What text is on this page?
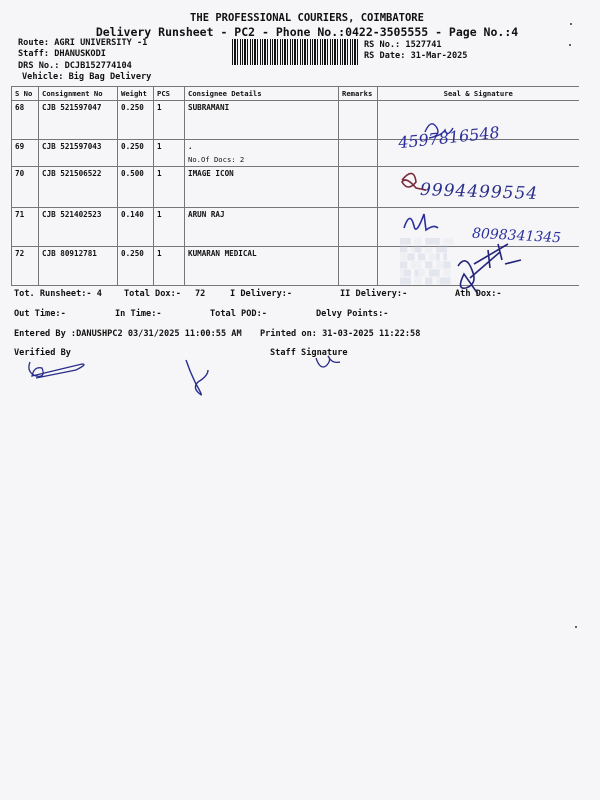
THE PROFESSIONAL COURIERS, COIMBATORE
Delivery Runsheet - PC2 - Phone No.:0422-3505555 - Page No.:4
Route: AGRI UNIVERSITY -1
Staff: DHANUSKODI
DRS No.: DCJB152774104
Vehicle: Big Bag Delivery
RS No.: 1527741
RS Date: 31-Mar-2025
S No	Consignment No	Weight	PCS	Consignee Details	Remarks	Seal & Signature
68	CJB 521597047	0.250	1	SUBRAMANI		
69	CJB 521597043	0.250	1	.
No.Of Docs: 2		

70	CJB 521506522	0.500	1	IMAGE ICON		
71	CJB 521402523	0.140	1	ARUN RAJ		
72	CJB 80912781	0.250	1	KUMARAN MEDICAL		
▒▒▒ ░░ ▒▒▒▒ ░░░
▒▒ ░▒▒ ░░ ▒▒▒
░░▒▒ ▒▒ ░░▒ ▒
▒▒ ░░░ ▒▒ ░░▒▒
░▒▒ ▒░░ ▒▒▒ ░░
▒▒▒ ░░ ▒▒ ░▒▒▒
4597816548
9994499554
8098341345
Tot. Runsheet:- 4	Total Dox:- 72	I Delivery:-	II Delivery:-	Ath Dox:-
Out Time:-	In Time:-	Total POD:-	Delvy Points:-
Entered By :DANUSHPC2 03/31/2025 11:00:55 AM Printed on: 31-03-2025 11:22:58
Verified By	Staff Signature
